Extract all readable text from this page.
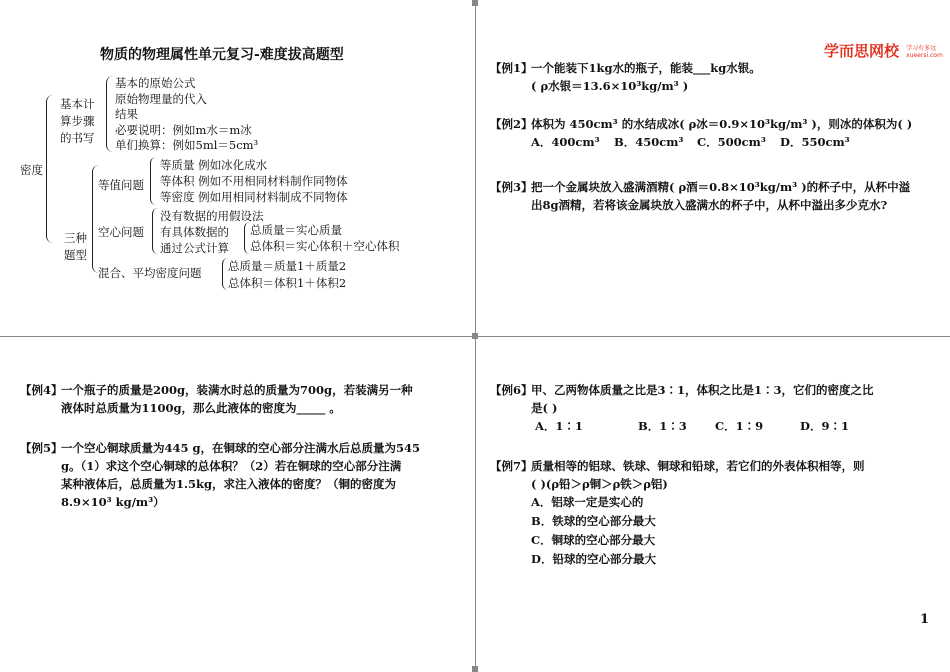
物质的物理属性单元复习-难度拔高题型
密度
基本计
算步骤
的书写
基本的原始公式
原始物理量的代入
结果
必要说明：例如m水＝m冰
单们换算：例如5ml＝5cm³
三种
题型
等值问题
等质量 例如冰化成水
等体积 例如不用相同材料制作同物体
等密度 例如用相同材料制成不同物体
空心问题
没有数据的用假设法
有具体数据的
通过公式计算
总质量＝实心质量
总体积＝实心体积＋空心体积
混合、平均密度问题 总质量＝质量1＋质量2
总体积＝体积1＋体积2
学而思网校 学习有多远
xueersi.com
【例1】
一个能装下1kg水的瓶子，能装___kg水银。
( ρ水银＝13.6×10³kg/m³ )
【例2】
体积为 450cm³ 的水结成冰( ρ冰＝0.9×10³kg/m³ )，则冰的体积为( )
A．400cm³ B．450cm³ C．500cm³ D．550cm³
【例3】
把一个金属块放入盛满酒精( ρ酒＝0.8×10³kg/m³ )的杯子中，从杯中溢
出8g酒精，若将该金属块放入盛满水的杯子中，从杯中溢出多少克水?
【例4】
一个瓶子的质量是200g，装满水时总的质量为700g，若装满另一种
液体时总质量为1100g，那么此液体的密度为_____ 。
【例5】
一个空心铜球质量为445 g，在铜球的空心部分注满水后总质量为545
g。（1）求这个空心铜球的总体积？（2）若在铜球的空心部分注满
某种液体后，总质量为1.5kg，求注入液体的密度？（铜的密度为
8.9×10³ kg/m³）
【例6】
甲、乙两物体质量之比是3∶1，体积之比是1∶3，它们的密度之比
是( )
A．1∶1	B．1∶3 C．1∶9	D．9∶1
【例7】
质量相等的铝球、铁球、铜球和铅球，若它们的外表体积相等，则
( )(ρ铅＞ρ铜＞ρ铁＞ρ铝)
A．铝球一定是实心的
B．铁球的空心部分最大
C．铜球的空心部分最大
D．铅球的空心部分最大
1
